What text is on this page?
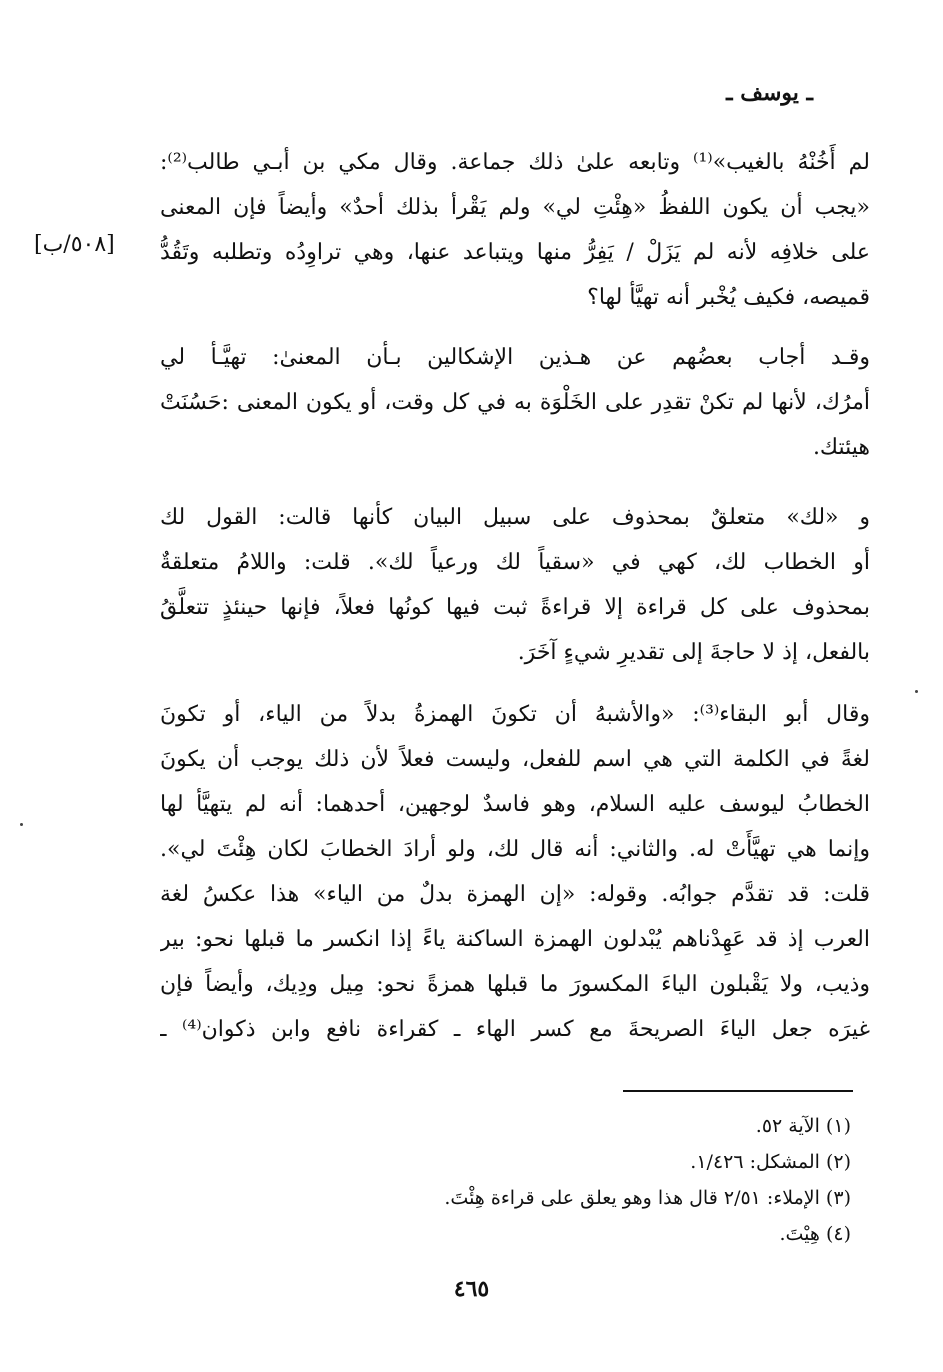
ـ يوسف ـ
[٥٠٨/ب]
لم أَخُنْهُ بالغيب»⁽¹⁾ وتابعه علىٰ ذلك جماعة. وقال مكي بن أبـي طالب⁽²⁾:
«يجب أن يكون اللفظُ «هِئْتِ لي» ولم يَقْرأ بذلك أحدٌ» وأيضاً فإن المعنى
على خلافِه لأنه لم يَزَلْ / يَفِرُّ منها ويتباعد عنها، وهي تراوِدُه وتطلبه وتَقُدُّ
قميصه، فكيف يُخْبر أنه تهيَّأ لها؟
وقـد أجاب بعضُهم عن هـذين الإشكالين بـأن المعنىٰ: تهيَّـأ لي
أمرُك، لأنها لم تكنْ تقدِر على الخَلْوَة به في كل وقت، أو يكون المعنى :حَسُنَتْ
هيئتك.
و «لك» متعلقٌ بمحذوف على سبيل البيان كأنها قالت: القول لك
أو الخطاب لك، كهي في «سقياً لك ورعياً لك». قلت: واللامُ متعلقةٌ
بمحذوف على كل قراءة إلا قراءةً ثبت فيها كونُها فعلاً، فإنها حينئذٍ تتعلَّقُ
بالفعل، إذ لا حاجةَ إلى تقديرِ شيءٍ آخَرَ.
وقال أبو البقاء⁽³⁾: «والأشبهُ أن تكونَ الهمزةُ بدلاً من الياء، أو تكونَ
لغةً في الكلمة التي هي اسم للفعل، وليست فعلاً لأن ذلك يوجب أن يكونَ
الخطابُ ليوسف عليه السلام، وهو فاسدٌ لوجهين، أحدهما: أنه لم يتهيَّأ لها
وإنما هي تهيَّأَتْ له. والثاني: أنه قال لك، ولو أرادَ الخطابَ لكان هِئْتَ لي».
قلت: قد تقدَّم جوابُه. وقوله: «إن الهمزة بدلٌ من الياء» هذا عكسُ لغة
العرب إذ قد عَهِدْناهم يُبْدلون الهمزة الساكنة ياءً إذا انكسر ما قبلها نحو: بير
وذيب، ولا يَقْبلون الياءَ المكسورَ ما قبلها همزةً نحو: مِيل ودِيك، وأيضاً فإن
غيرَه جعل الياءَ الصريحةَ مع كسر الهاء ـ كقراءة نافع وابن ذكوان⁽⁴⁾ ـ
(١) الآية ٥٢.
(٢) المشكل: ١/٤٢٦.
(٣) الإملاء: ٢/٥١ قال هذا وهو يعلق على قراءة هِئْتَ.
(٤) هِيْتَ.
٤٦٥
